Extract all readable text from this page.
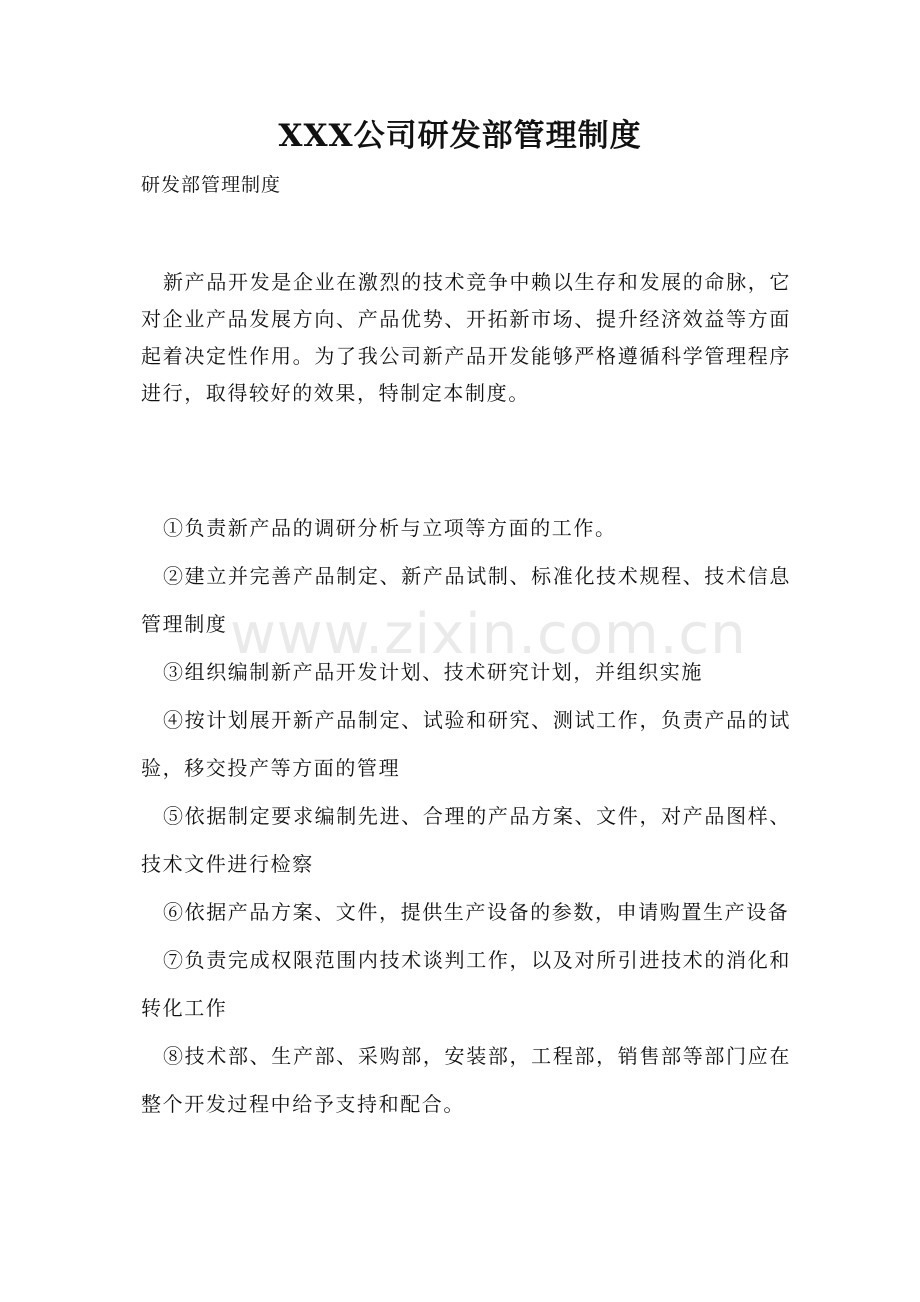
XXX公司研发部管理制度
研发部管理制度

新产品开发是企业在激烈的技术竞争中赖以生存和发展的命脉，它对企业产品发展方向、产品优势、开拓新市场、提升经济效益等方面起着决定性作用。为了我公司新产品开发能够严格遵循科学管理程序进行，取得较好的效果，特制定本制度。

①负责新产品的调研分析与立项等方面的工作。
②建立并完善产品制定、新产品试制、标准化技术规程、技术信息管理制度
③组织编制新产品开发计划、技术研究计划，并组织实施
④按计划展开新产品制定、试验和研究、测试工作，负责产品的试验，移交投产等方面的管理
⑤依据制定要求编制先进、合理的产品方案、文件，对产品图样、技术文件进行检察
⑥依据产品方案、文件，提供生产设备的参数，申请购置生产设备
⑦负责完成权限范围内技术谈判工作，以及对所引进技术的消化和转化工作
⑧技术部、生产部、采购部，安装部，工程部，销售部等部门应在整个开发过程中给予支持和配合。
www.zixin.com.cn
